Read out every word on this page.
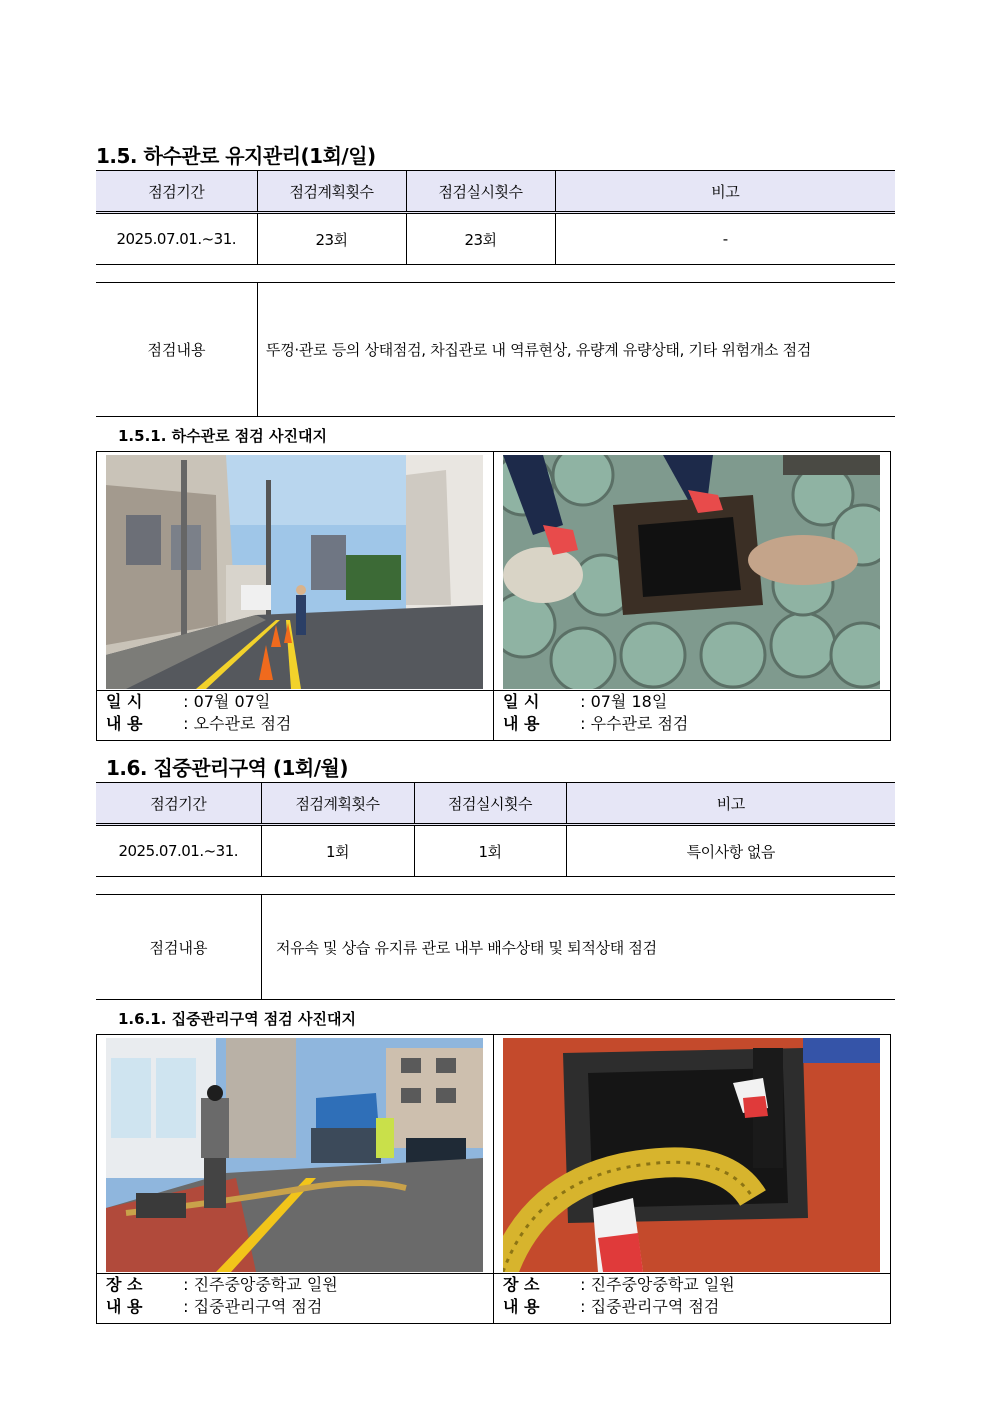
1.5. 하수관로 유지관리(1회/일)
점검기간	점검계획횟수	점검실시횟수	비고
2025.07.01.~31.	23회	23회	-
점검내용	뚜껑·관로 등의 상태점검, 차집관로 내 역류현상, 유량계 유량상태, 기타 위험개소 점검
1.5.1. 하수관로 점검 사진대지
일 시 : 07월 07일
내 용 : 오수관로 점검
일 시 : 07월 18일
내 용 : 우수관로 점검
1.6. 집중관리구역 (1회/월)
점검기간	점검계획횟수	점검실시횟수	비고
2025.07.01.~31.	1회	1회	특이사항 없음
점검내용	저유속 및 상습 유지류 관로 내부 배수상태 및 퇴적상태 점검
1.6.1. 집중관리구역 점검 사진대지
장 소 : 진주중앙중학교 일원
내 용 : 집중관리구역 점검
장 소 : 진주중앙중학교 일원
내 용 : 집중관리구역 점검
